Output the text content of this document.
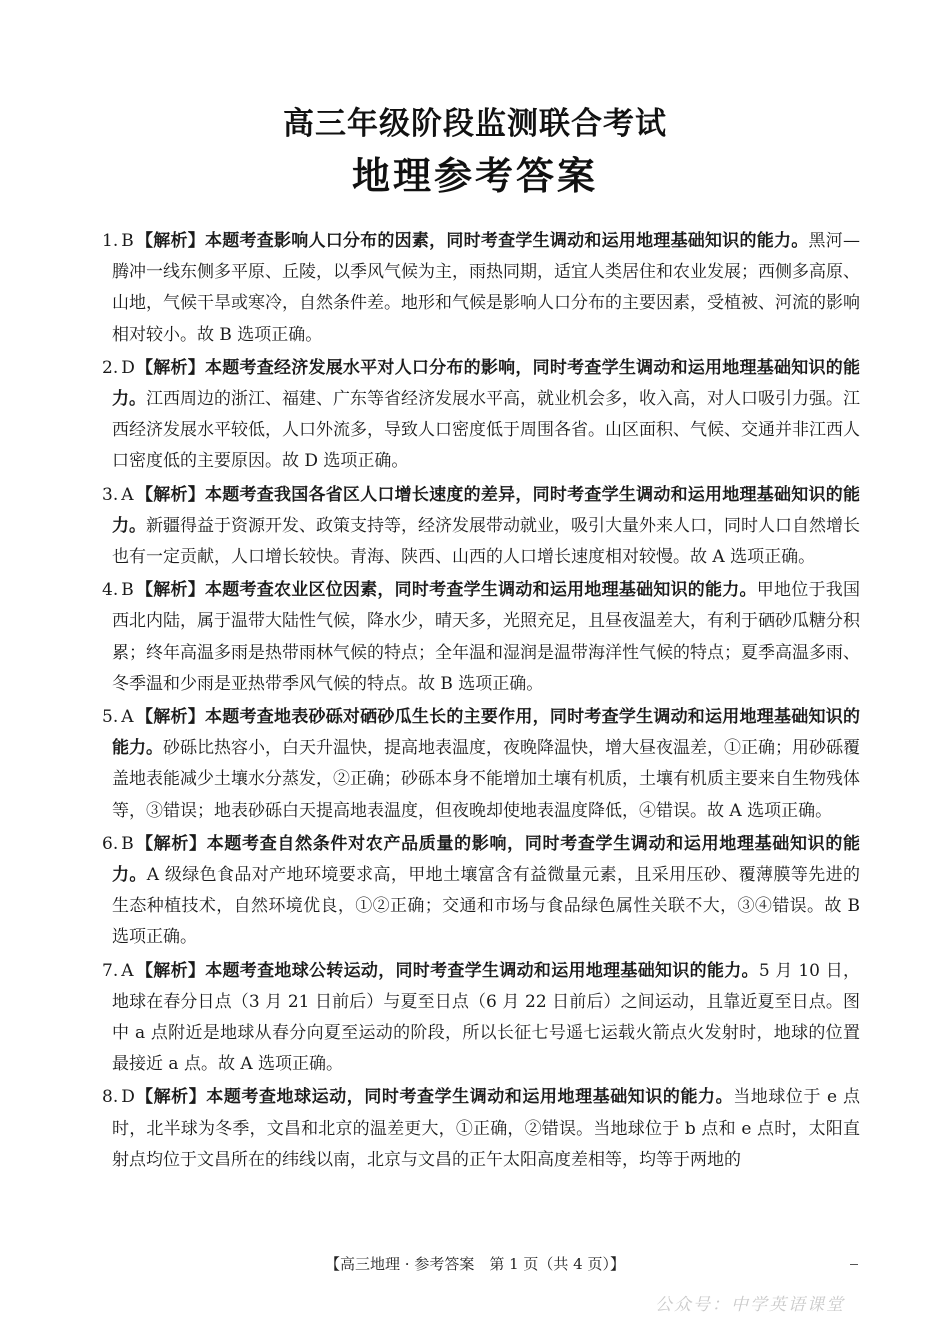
高三年级阶段监测联合考试
地理参考答案
1. B 【解析】本题考查影响人口分布的因素，同时考查学生调动和运用地理基础知识的能力。黑河—腾冲一线东侧多平原、丘陵，以季风气候为主，雨热同期，适宜人类居住和农业发展；西侧多高原、山地，气候干旱或寒冷，自然条件差。地形和气候是影响人口分布的主要因素，受植被、河流的影响相对较小。故 B 选项正确。
2. D 【解析】本题考查经济发展水平对人口分布的影响，同时考查学生调动和运用地理基础知识的能力。江西周边的浙江、福建、广东等省经济发展水平高，就业机会多，收入高，对人口吸引力强。江西经济发展水平较低，人口外流多，导致人口密度低于周围各省。山区面积、气候、交通并非江西人口密度低的主要原因。故 D 选项正确。
3. A 【解析】本题考查我国各省区人口增长速度的差异，同时考查学生调动和运用地理基础知识的能力。新疆得益于资源开发、政策支持等，经济发展带动就业，吸引大量外来人口，同时人口自然增长也有一定贡献，人口增长较快。青海、陕西、山西的人口增长速度相对较慢。故 A 选项正确。
4. B 【解析】本题考查农业区位因素，同时考查学生调动和运用地理基础知识的能力。甲地位于我国西北内陆，属于温带大陆性气候，降水少，晴天多，光照充足，且昼夜温差大，有利于硒砂瓜糖分积累；终年高温多雨是热带雨林气候的特点；全年温和湿润是温带海洋性气候的特点；夏季高温多雨、冬季温和少雨是亚热带季风气候的特点。故 B 选项正确。
5. A 【解析】本题考查地表砂砾对硒砂瓜生长的主要作用，同时考查学生调动和运用地理基础知识的能力。砂砾比热容小，白天升温快，提高地表温度，夜晚降温快，增大昼夜温差，①正确；用砂砾覆盖地表能减少土壤水分蒸发，②正确；砂砾本身不能增加土壤有机质，土壤有机质主要来自生物残体等，③错误；地表砂砾白天提高地表温度，但夜晚却使地表温度降低，④错误。故 A 选项正确。
6. B 【解析】本题考查自然条件对农产品质量的影响，同时考查学生调动和运用地理基础知识的能力。A 级绿色食品对产地环境要求高，甲地土壤富含有益微量元素，且采用压砂、覆薄膜等先进的生态种植技术，自然环境优良，①②正确；交通和市场与食品绿色属性关联不大，③④错误。故 B 选项正确。
7. A 【解析】本题考查地球公转运动，同时考查学生调动和运用地理基础知识的能力。5 月 10 日，地球在春分日点（3 月 21 日前后）与夏至日点（6 月 22 日前后）之间运动，且靠近夏至日点。图中 a 点附近是地球从春分向夏至运动的阶段，所以长征七号遥七运载火箭点火发射时，地球的位置最接近 a 点。故 A 选项正确。
8. D 【解析】本题考查地球运动，同时考查学生调动和运用地理基础知识的能力。当地球位于 e 点时，北半球为冬季，文昌和北京的温差更大，①正确，②错误。当地球位于 b 点和 e 点时，太阳直射点均位于文昌所在的纬线以南，北京与文昌的正午太阳高度差相等，均等于两地的
【高三地理 · 参考答案　第 1 页（共 4 页）】
公众号：中学英语课堂
